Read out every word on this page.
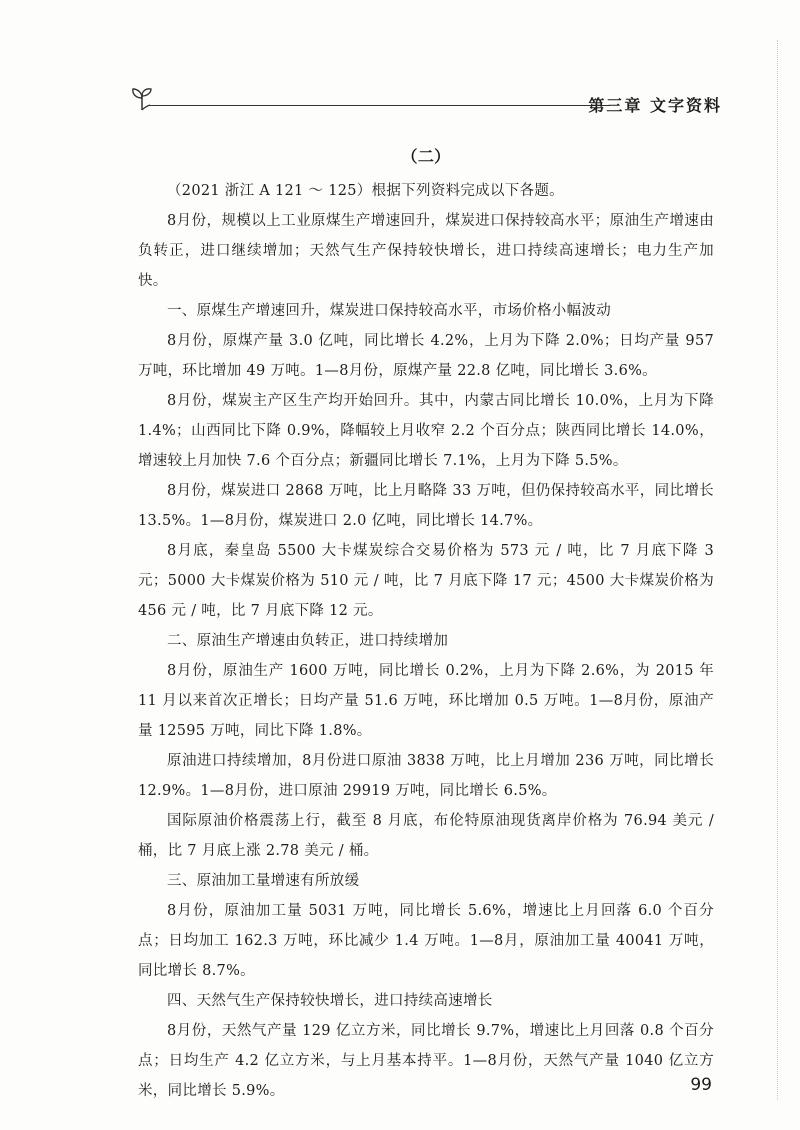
第三章 文字资料
（二）

（2021 浙江 A 121 ～ 125）根据下列资料完成以下各题。

8月份，规模以上工业原煤生产增速回升，煤炭进口保持较高水平；原油生产增速由负转正，进口继续增加；天然气生产保持较快增长，进口持续高速增长；电力生产加快。

一、原煤生产增速回升，煤炭进口保持较高水平，市场价格小幅波动

8月份，原煤产量 3.0 亿吨，同比增长 4.2%，上月为下降 2.0%；日均产量 957 万吨，环比增加 49 万吨。1—8月份，原煤产量 22.8 亿吨，同比增长 3.6%。

8月份，煤炭主产区生产均开始回升。其中，内蒙古同比增长 10.0%，上月为下降 1.4%；山西同比下降 0.9%，降幅较上月收窄 2.2 个百分点；陕西同比增长 14.0%，增速较上月加快 7.6 个百分点；新疆同比增长 7.1%，上月为下降 5.5%。

8月份，煤炭进口 2868 万吨，比上月略降 33 万吨，但仍保持较高水平，同比增长 13.5%。1—8月份，煤炭进口 2.0 亿吨，同比增长 14.7%。

8月底，秦皇岛 5500 大卡煤炭综合交易价格为 573 元 / 吨，比 7 月底下降 3 元；5000 大卡煤炭价格为 510 元 / 吨，比 7 月底下降 17 元；4500 大卡煤炭价格为 456 元 / 吨，比 7 月底下降 12 元。

二、原油生产增速由负转正，进口持续增加

8月份，原油生产 1600 万吨，同比增长 0.2%，上月为下降 2.6%，为 2015 年 11 月以来首次正增长；日均产量 51.6 万吨，环比增加 0.5 万吨。1—8月份，原油产量 12595 万吨，同比下降 1.8%。

原油进口持续增加，8月份进口原油 3838 万吨，比上月增加 236 万吨，同比增长 12.9%。1—8月份，进口原油 29919 万吨，同比增长 6.5%。

国际原油价格震荡上行，截至 8 月底，布伦特原油现货离岸价格为 76.94 美元 / 桶，比 7 月底上涨 2.78 美元 / 桶。

三、原油加工量增速有所放缓

8月份，原油加工量 5031 万吨，同比增长 5.6%，增速比上月回落 6.0 个百分点；日均加工 162.3 万吨，环比减少 1.4 万吨。1—8月，原油加工量 40041 万吨，同比增长 8.7%。

四、天然气生产保持较快增长，进口持续高速增长

8月份，天然气产量 129 亿立方米，同比增长 9.7%，增速比上月回落 0.8 个百分点；日均生产 4.2 亿立方米，与上月基本持平。1—8月份，天然气产量 1040 亿立方米，同比增长 5.9%。	99
